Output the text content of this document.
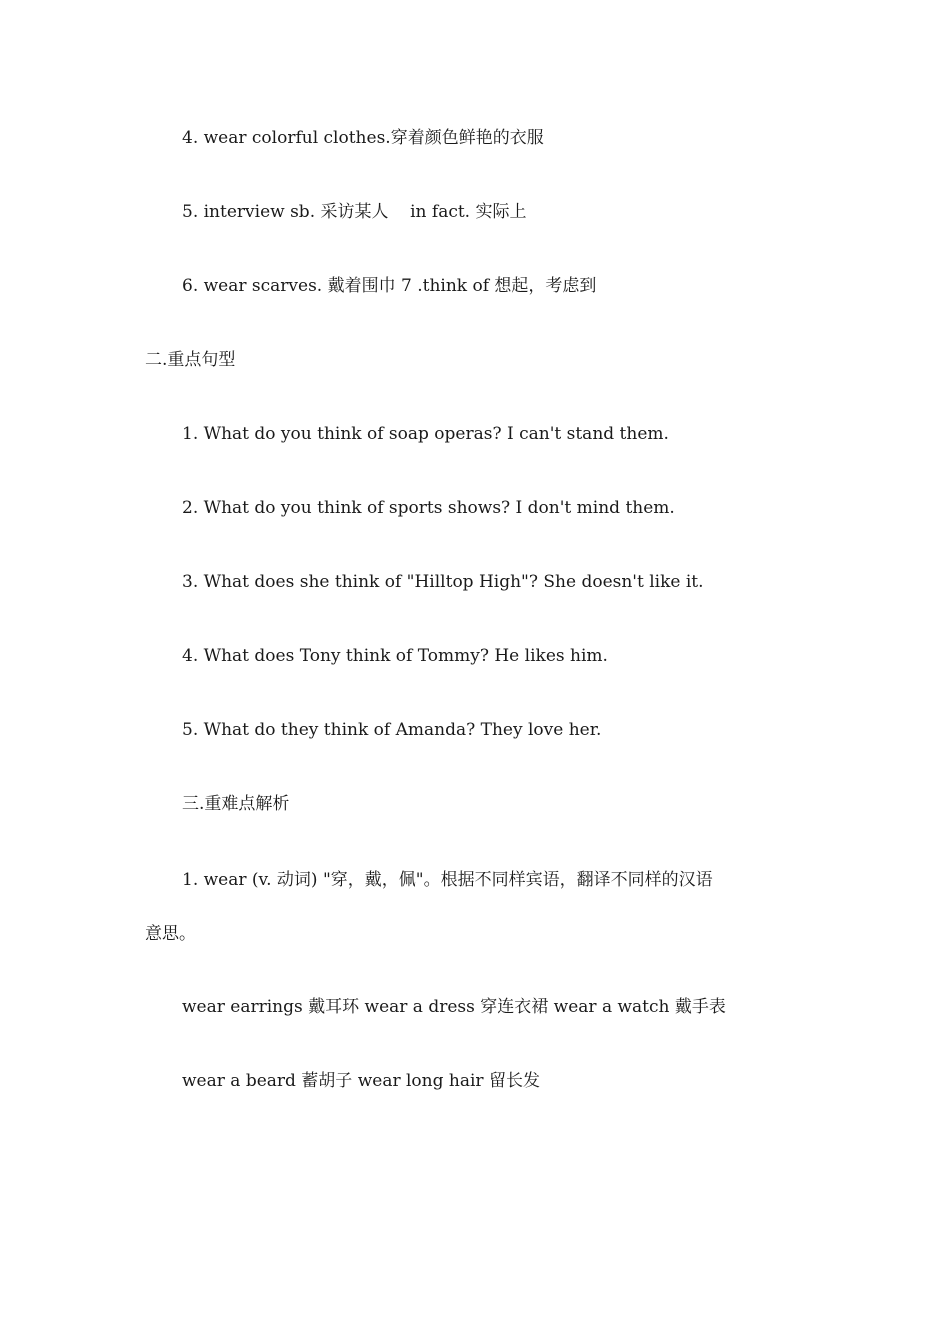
4. wear colorful clothes.穿着颜色鲜艳的衣服
5. interview sb. 采访某人    in fact. 实际上
6. wear scarves. 戴着围巾 7 .think of 想起，考虑到
二.重点句型
1. What do you think of soap operas? I can't stand them.
2. What do you think of sports shows? I don't mind them.
3. What does she think of "Hilltop High"? She doesn't like it.
4. What does Tony think of Tommy? He likes him.
5. What do they think of Amanda? They love her.
三.重难点解析
1. wear (v. 动词) "穿，戴，佩"。根据不同样宾语，翻译不同样的汉语
意思。
wear earrings 戴耳环 wear a dress 穿连衣裙 wear a watch 戴手表
wear a beard 蓄胡子 wear long hair 留长发
